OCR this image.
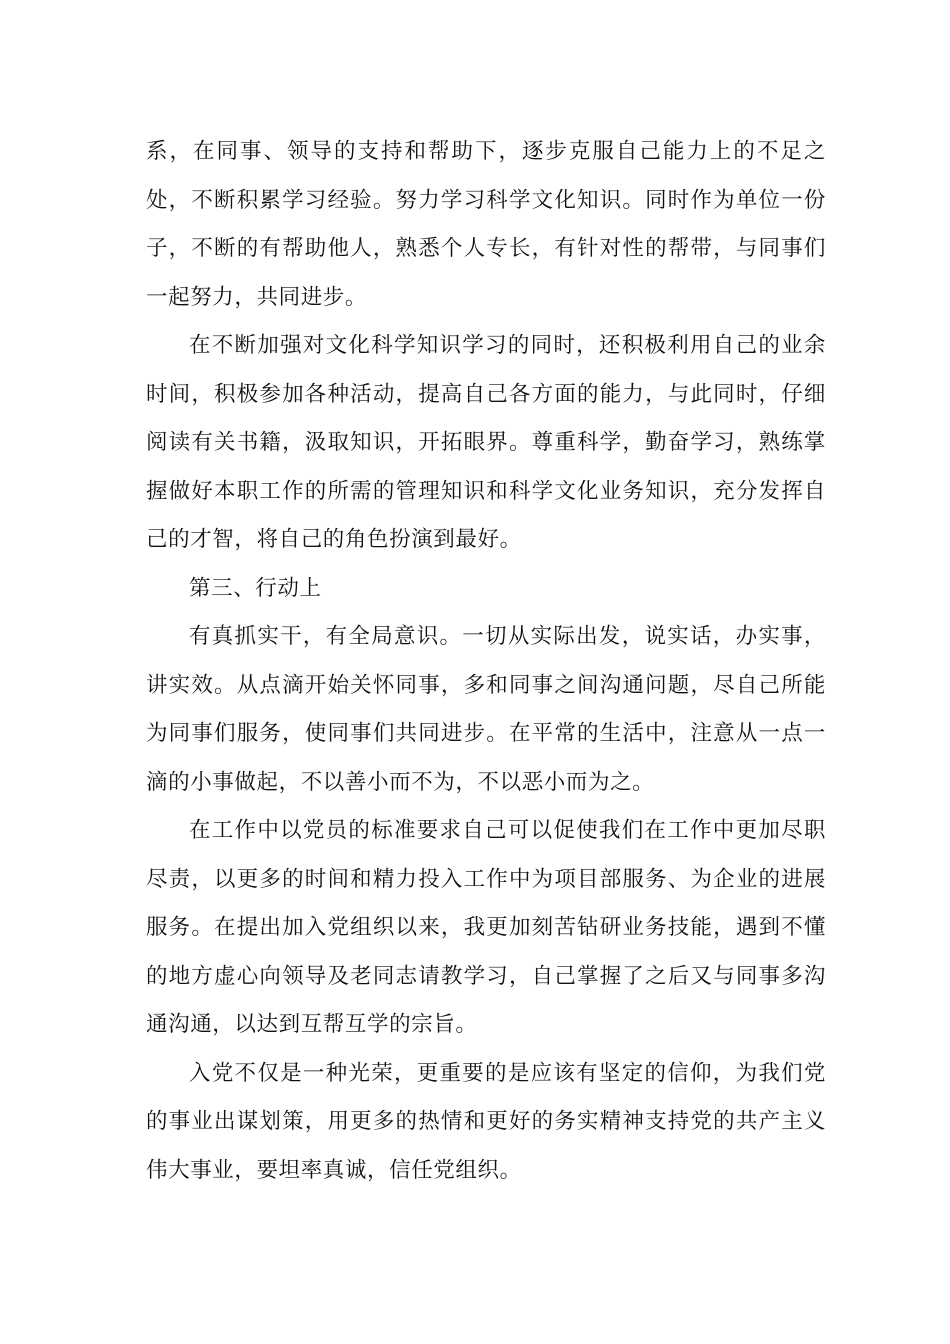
系，在同事、领导的支持和帮助下，逐步克服自己能力上的不足之处，不断积累学习经验。努力学习科学文化知识。同时作为单位一份子，不断的有帮助他人，熟悉个人专长，有针对性的帮带，与同事们一起努力，共同进步。

在不断加强对文化科学知识学习的同时，还积极利用自己的业余时间，积极参加各种活动，提高自己各方面的能力，与此同时，仔细阅读有关书籍，汲取知识，开拓眼界。尊重科学，勤奋学习，熟练掌握做好本职工作的所需的管理知识和科学文化业务知识，充分发挥自己的才智，将自己的角色扮演到最好。

第三、行动上

有真抓实干，有全局意识。一切从实际出发，说实话，办实事，讲实效。从点滴开始关怀同事，多和同事之间沟通问题，尽自己所能为同事们服务，使同事们共同进步。在平常的生活中，注意从一点一滴的小事做起，不以善小而不为，不以恶小而为之。

在工作中以党员的标准要求自己可以促使我们在工作中更加尽职尽责，以更多的时间和精力投入工作中为项目部服务、为企业的进展服务。在提出加入党组织以来，我更加刻苦钻研业务技能，遇到不懂的地方虚心向领导及老同志请教学习，自己掌握了之后又与同事多沟通沟通，以达到互帮互学的宗旨。

入党不仅是一种光荣，更重要的是应该有坚定的信仰，为我们党的事业出谋划策，用更多的热情和更好的务实精神支持党的共产主义伟大事业，要坦率真诚，信任党组织。
